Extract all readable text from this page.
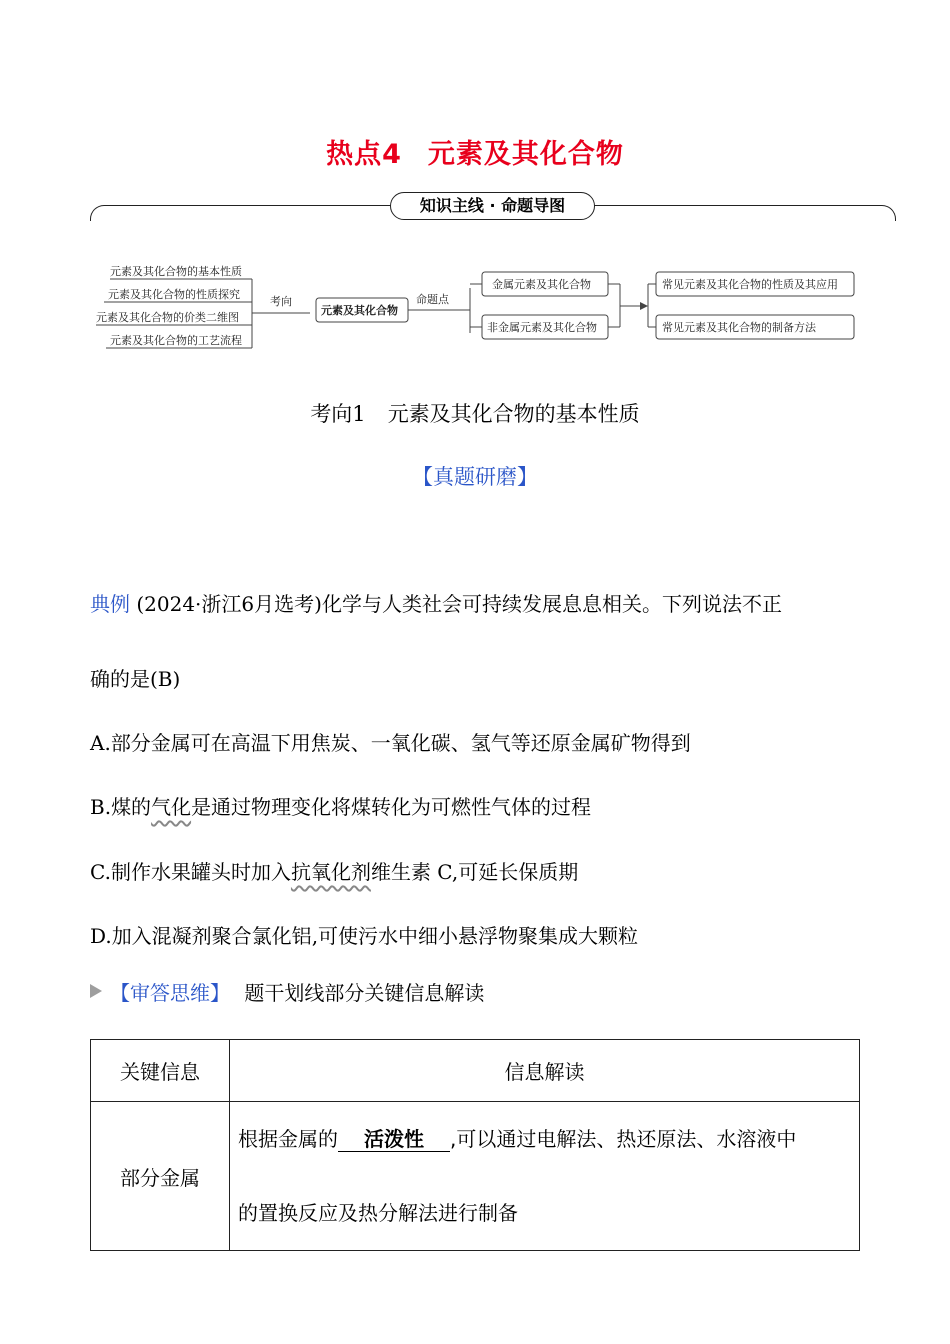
热点4 元素及其化合物
知识主线 · 命题导图
元素及其化合物的基本性质
元素及其化合物的性质探究
元素及其化合物的价类二维图
元素及其化合物的工艺流程
考向
元素及其化合物
命题点
金属元素及其化合物
非金属元素及其化合物
常见元素及其化合物的性质及其应用
常见元素及其化合物的制备方法
考向1 元素及其化合物的基本性质
【真题研磨】
典例 (2024·浙江6月选考)化学与人类社会可持续发展息息相关。下列说法不正
确的是(B)
A.部分金属可在高温下用焦炭、一氧化碳、氢气等还原金属矿物得到
B.煤的气化是通过物理变化将煤转化为可燃性气体的过程
C.制作水果罐头时加入抗氧化剂维生素 C,可延长保质期
D.加入混凝剂聚合氯化铝,可使污水中细小悬浮物聚集成大颗粒
【审答思维】 题干划线部分关键信息解读
关键信息	信息解读
部分金属	根据金属的 活泼性 ,可以通过电解法、热还原法、水溶液中
的置换反应及热分解法进行制备
